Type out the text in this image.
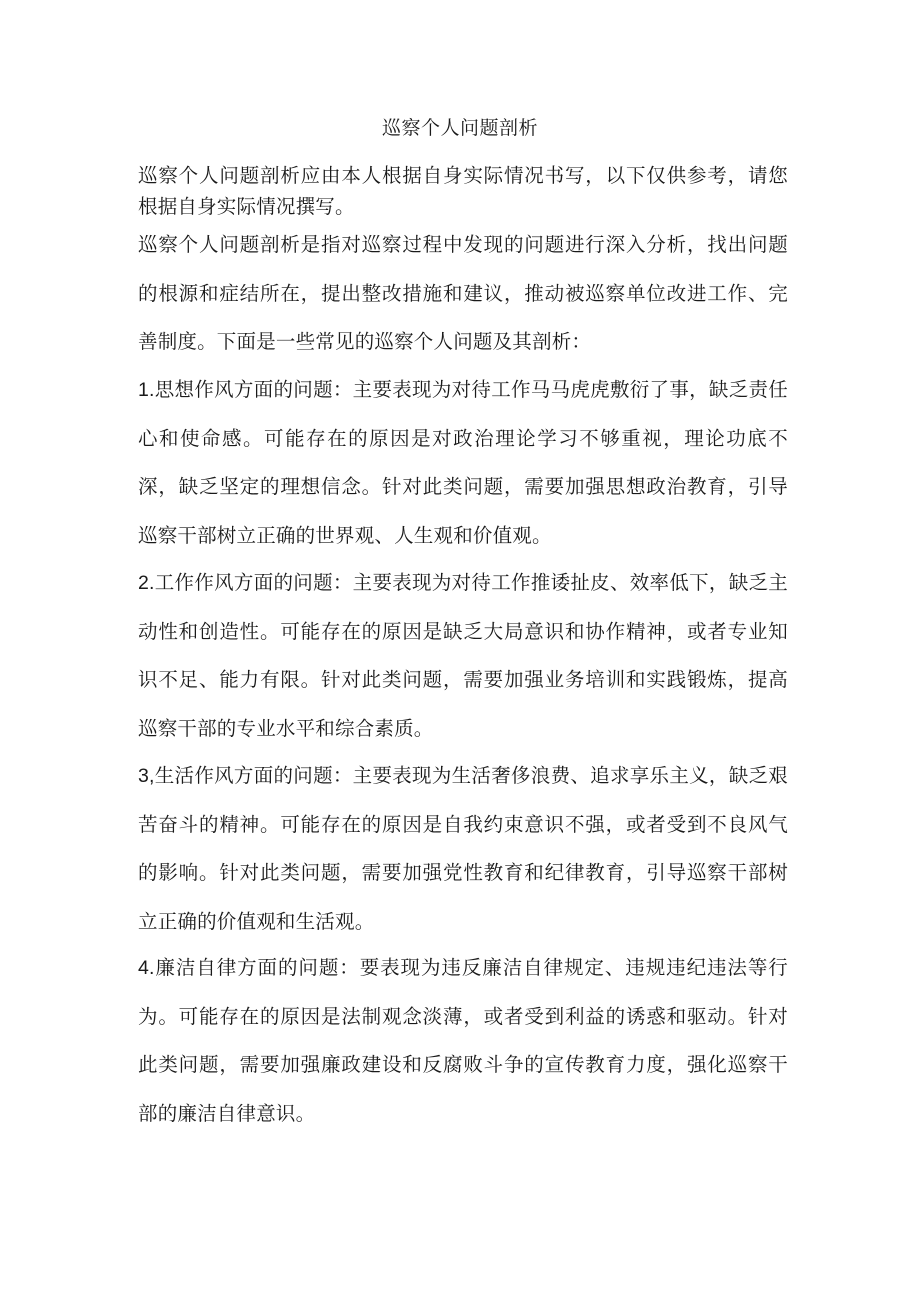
巡察个人问题剖析
巡察个人问题剖析应由本人根据自身实际情况书写，以下仅供参考，请您根据自身实际情况撰写。
巡察个人问题剖析是指对巡察过程中发现的问题进行深入分析，找出问题的根源和症结所在，提出整改措施和建议，推动被巡察单位改进工作、完善制度。下面是一些常见的巡察个人问题及其剖析：
1.思想作风方面的问题：主要表现为对待工作马马虎虎敷衍了事，缺乏责任心和使命感。可能存在的原因是对政治理论学习不够重视，理论功底不深，缺乏坚定的理想信念。针对此类问题，需要加强思想政治教育，引导巡察干部树立正确的世界观、人生观和价值观。
2.工作作风方面的问题：主要表现为对待工作推诿扯皮、效率低下，缺乏主动性和创造性。可能存在的原因是缺乏大局意识和协作精神，或者专业知识不足、能力有限。针对此类问题，需要加强业务培训和实践锻炼，提高巡察干部的专业水平和综合素质。
3,生活作风方面的问题：主要表现为生活奢侈浪费、追求享乐主义，缺乏艰苦奋斗的精神。可能存在的原因是自我约束意识不强，或者受到不良风气的影响。针对此类问题，需要加强党性教育和纪律教育，引导巡察干部树立正确的价值观和生活观。
4.廉洁自律方面的问题：要表现为违反廉洁自律规定、违规违纪违法等行为。可能存在的原因是法制观念淡薄，或者受到利益的诱惑和驱动。针对此类问题，需要加强廉政建设和反腐败斗争的宣传教育力度，强化巡察干部的廉洁自律意识。
